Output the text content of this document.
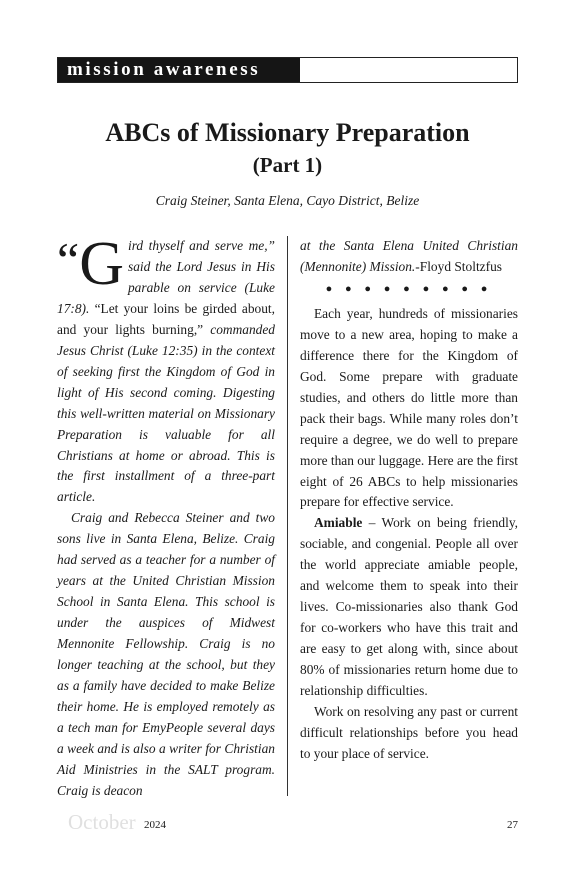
mission awareness
ABCs of Missionary Preparation
(Part 1)
Craig Steiner, Santa Elena, Cayo District, Belize

“G ird thyself and serve me,” said the Lord Jesus in His parable on service (Luke 17:8). “Let your loins be girded about, and your lights burning,” commanded Jesus Christ (Luke 12:35) in the context of seeking first the Kingdom of God in light of His second coming. Digesting this well-written material on Missionary Preparation is valuable for all Christians at home or abroad. This is the first installment of a three-part article.

Craig and Rebecca Steiner and two sons live in Santa Elena, Belize. Craig had served as a teacher for a number of years at the United Christian Mission School in Santa Elena. This school is under the auspices of Midwest Mennonite Fellowship. Craig is no longer teaching at the school, but they as a family have decided to make Belize their home. He is employed remotely as a tech man for EmyPeople several days a week and is also a writer for Christian Aid Ministries in the SALT program. Craig is deacon

at the Santa Elena United Christian (Mennonite) Mission.-Floyd Stoltzfus

● ● ● ● ● ● ● ● ●

Each year, hundreds of missionaries move to a new area, hoping to make a difference there for the Kingdom of God. Some prepare with graduate studies, and others do little more than pack their bags. While many roles don’t require a degree, we do well to prepare more than our luggage. Here are the first eight of 26 ABCs to help missionaries prepare for effective service.

Amiable – Work on being friendly, sociable, and congenial. People all over the world appreciate amiable people, and welcome them to speak into their lives. Co-missionaries also thank God for co-workers who have this trait and are easy to get along with, since about 80% of missionaries return home due to relationship difficulties.

Work on resolving any past or current difficult relationships before you head to your place of service.

October 2024	27
